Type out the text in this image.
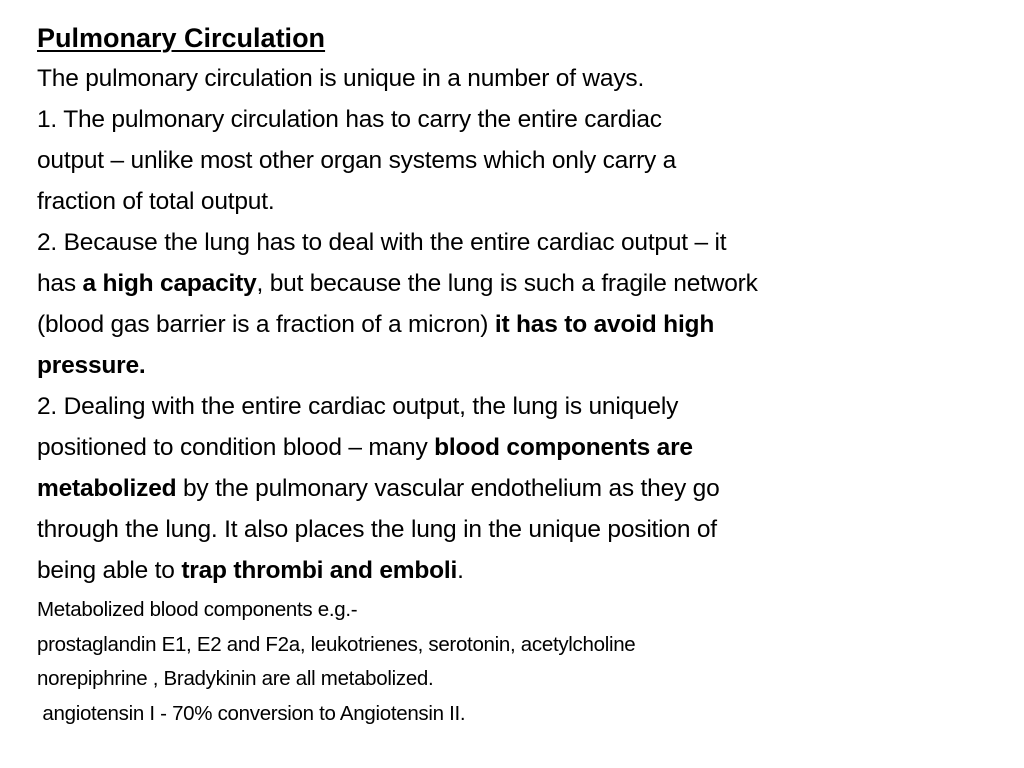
Pulmonary Circulation
The pulmonary circulation is unique in a number of ways.
1. The pulmonary circulation has to carry the entire cardiac
output – unlike most other organ systems which only carry a
fraction of total output.
2. Because the lung has to deal with the entire cardiac output – it
has a high capacity, but because the lung is such a fragile network
(blood gas barrier is a fraction of a micron) it has to avoid high
pressure.
2. Dealing with the entire cardiac output, the lung is uniquely
positioned to condition blood – many blood components are
metabolized by the pulmonary vascular endothelium as they go
through the lung. It also places the lung in the unique position of
being able to trap thrombi and emboli.
Metabolized blood components e.g.-
prostaglandin E1, E2 and F2a, leukotrienes, serotonin, acetylcholine
norepiphrine , Bradykinin are all metabolized.
angiotensin I - 70% conversion to Angiotensin II.
